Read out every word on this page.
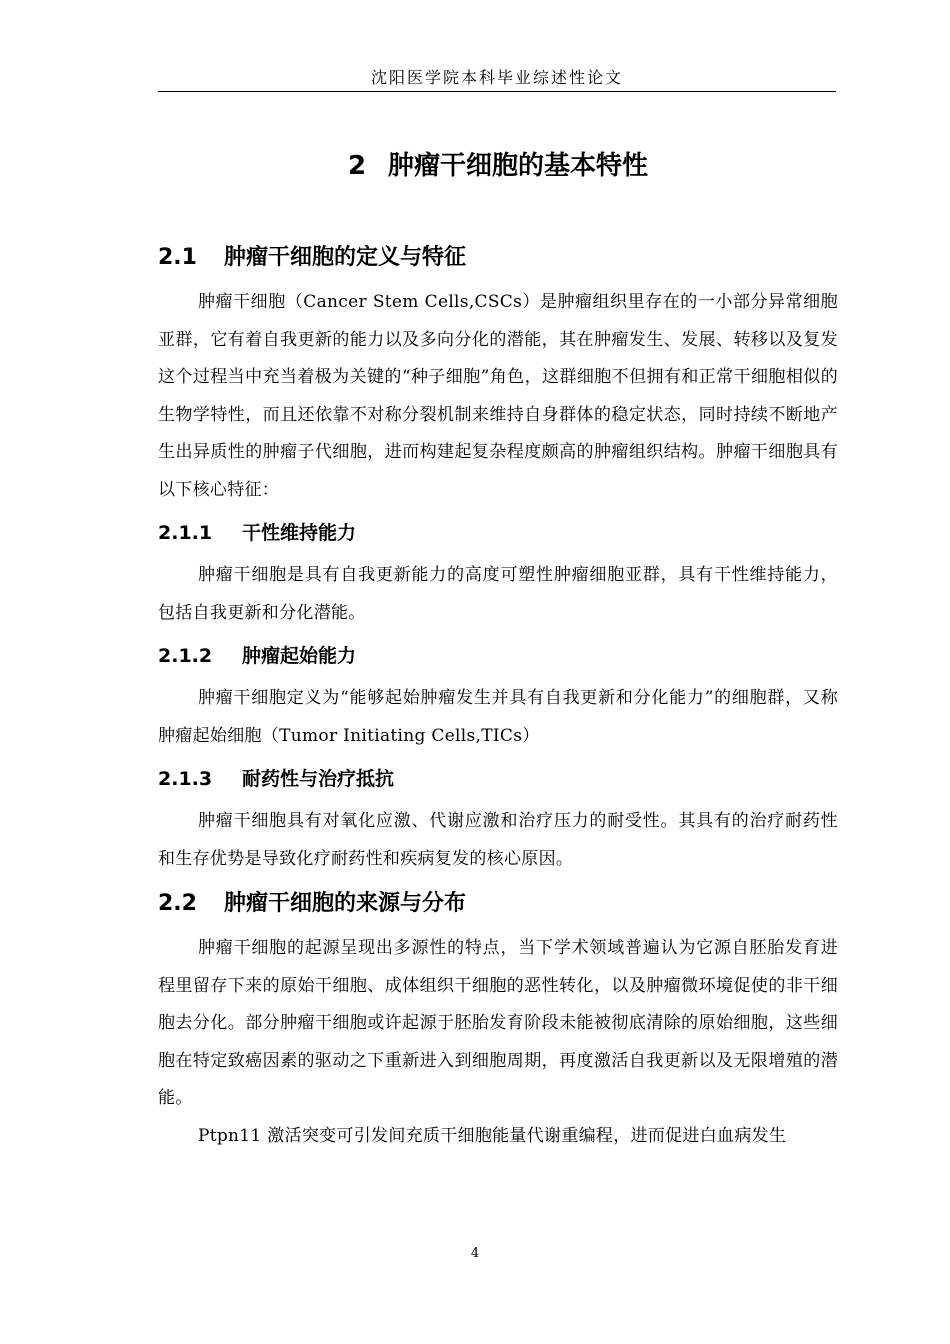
沈阳医学院本科毕业综述性论文
2 肿瘤干细胞的基本特性
2.1 肿瘤干细胞的定义与特征

肿瘤干细胞（Cancer Stem Cells,CSCs）是肿瘤组织里存在的一小部分异常细胞亚群，它有着自我更新的能力以及多向分化的潜能，其在肿瘤发生、发展、转移以及复发这个过程当中充当着极为关键的“种子细胞”角色，这群细胞不但拥有和正常干细胞相似的生物学特性，而且还依靠不对称分裂机制来维持自身群体的稳定状态，同时持续不断地产生出异质性的肿瘤子代细胞，进而构建起复杂程度颇高的肿瘤组织结构。肿瘤干细胞具有以下核心特征：

2.1.1 干性维持能力

肿瘤干细胞是具有自我更新能力的高度可塑性肿瘤细胞亚群，具有干性维持能力，包括自我更新和分化潜能。

2.1.2 肿瘤起始能力

肿瘤干细胞定义为“能够起始肿瘤发生并具有自我更新和分化能力”的细胞群，又称肿瘤起始细胞（Tumor Initiating Cells,TICs）

2.1.3 耐药性与治疗抵抗

肿瘤干细胞具有对氧化应激、代谢应激和治疗压力的耐受性。其具有的治疗耐药性和生存优势是导致化疗耐药性和疾病复发的核心原因。

2.2 肿瘤干细胞的来源与分布

肿瘤干细胞的起源呈现出多源性的特点，当下学术领域普遍认为它源自胚胎发育进程里留存下来的原始干细胞、成体组织干细胞的恶性转化，以及肿瘤微环境促使的非干细胞去分化。部分肿瘤干细胞或许起源于胚胎发育阶段未能被彻底清除的原始细胞，这些细胞在特定致癌因素的驱动之下重新进入到细胞周期，再度激活自我更新以及无限增殖的潜能。

Ptpn11 激活突变可引发间充质干细胞能量代谢重编程，进而促进白血病发生

4
